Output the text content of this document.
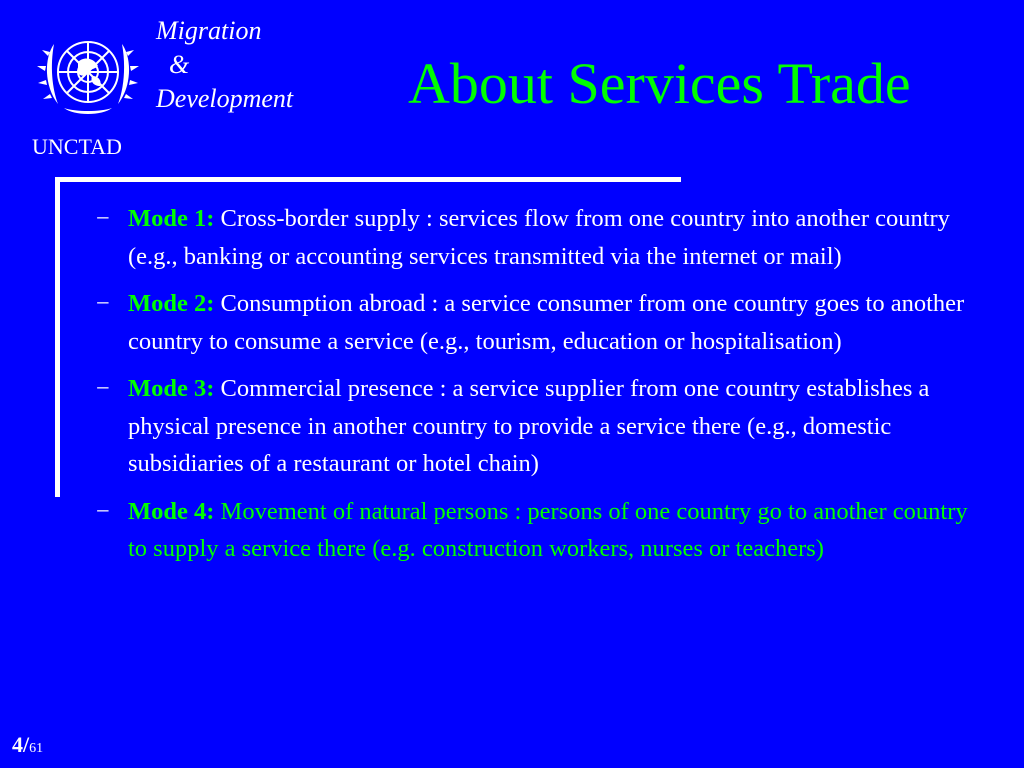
UNCTAD
Migration
&
Development About Services Trade
− Mode 1: Cross-border supply : services flow from one country into another country (e.g., banking or accounting services transmitted via the internet or mail)
− Mode 2: Consumption abroad : a service consumer from one country goes to another country to consume a service (e.g., tourism, education or hospitalisation)
− Mode 3: Commercial presence : a service supplier from one country establishes a physical presence in another country to provide a service there (e.g., domestic subsidiaries of a restaurant or hotel chain)
− Mode 4: Movement of natural persons : persons of one country go to another country to supply a service there (e.g. construction workers, nurses or teachers)
4/61
